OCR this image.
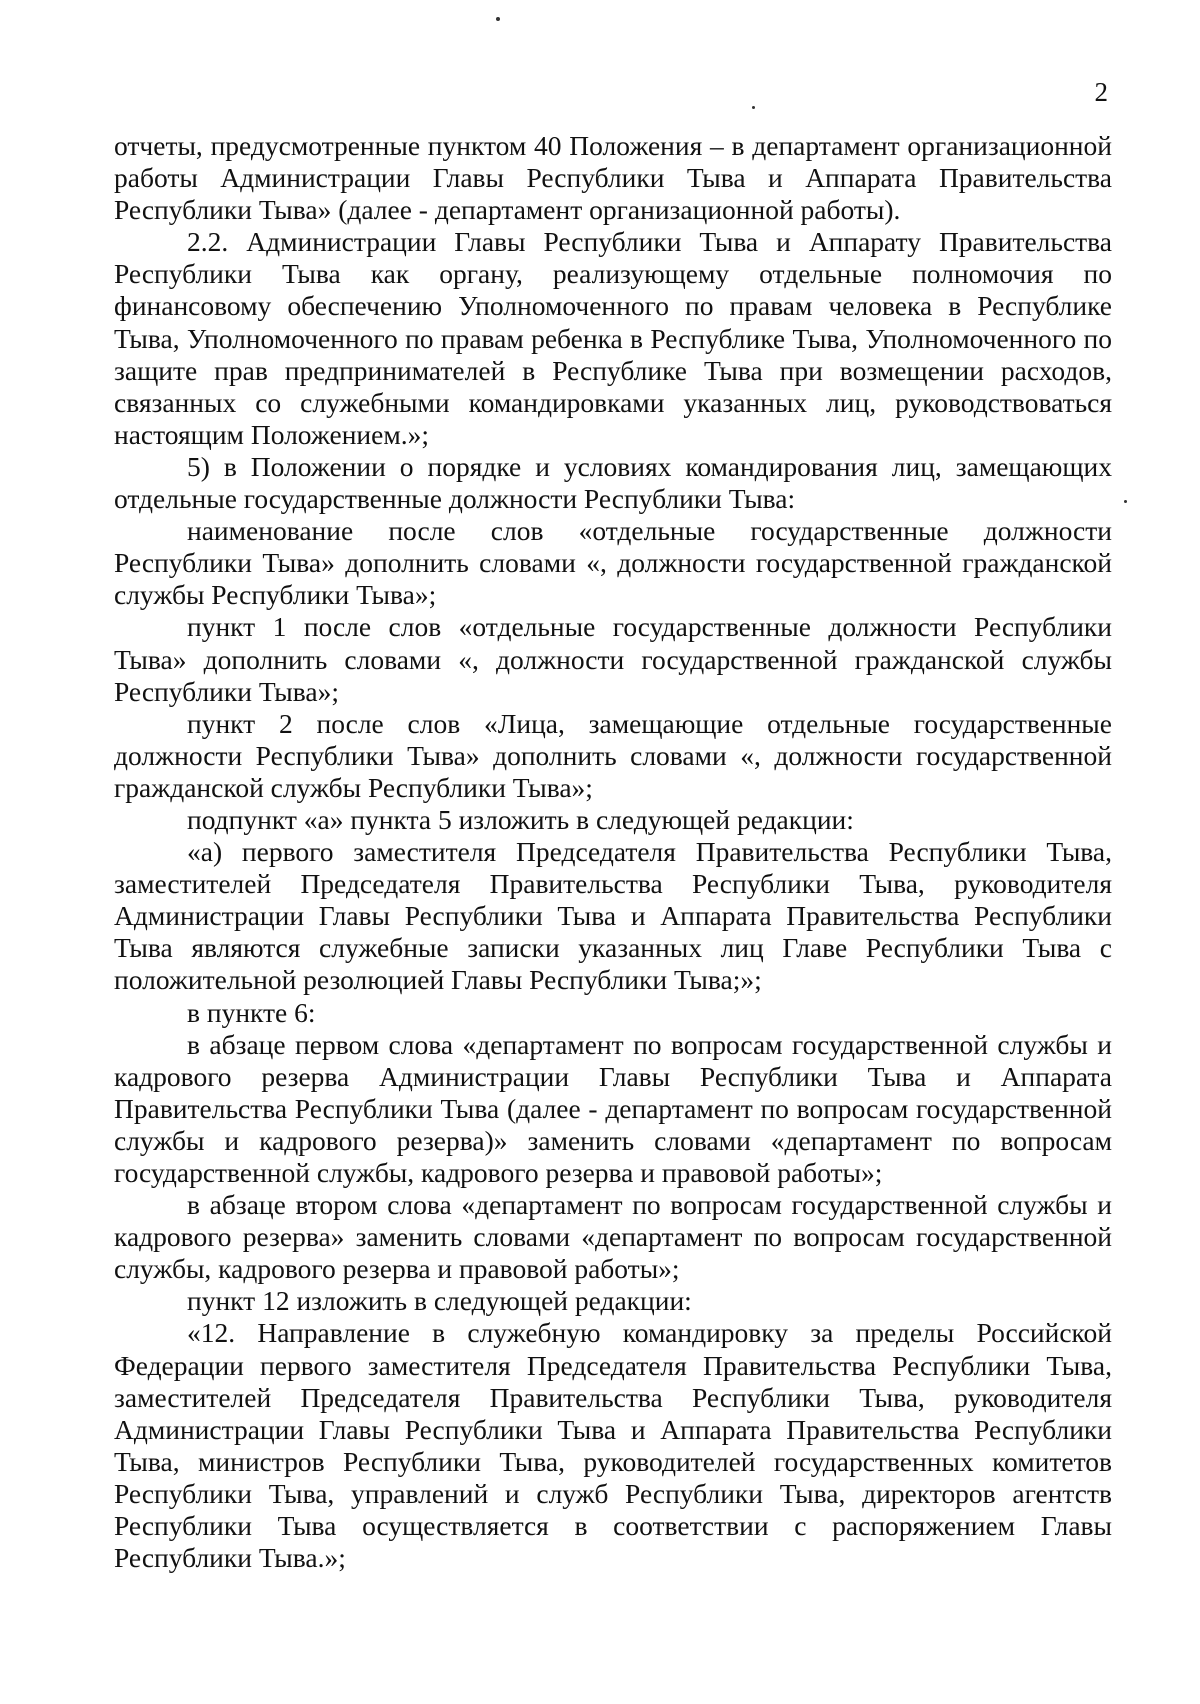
2

отчеты, предусмотренные пунктом 40 Положения – в департамент организационной работы Администрации Главы Республики Тыва и Аппарата Правительства Республики Тыва» (далее - департамент организационной работы).

2.2. Администрации Главы Республики Тыва и Аппарату Правительства Республики Тыва как органу, реализующему отдельные полномочия по финансовому обеспечению Уполномоченного по правам человека в Республике Тыва, Уполномоченного по правам ребенка в Республике Тыва, Уполномоченного по защите прав предпринимателей в Республике Тыва при возмещении расходов, связанных со служебными командировками указанных лиц, руководствоваться настоящим Положением.»;

5) в Положении о порядке и условиях командирования лиц, замещающих отдельные государственные должности Республики Тыва:

наименование после слов «отдельные государственные должности Республики Тыва» дополнить словами «, должности государственной гражданской службы Республики Тыва»;

пункт 1 после слов «отдельные государственные должности Республики Тыва» дополнить словами «, должности государственной гражданской службы Республики Тыва»;

пункт 2 после слов «Лица, замещающие отдельные государственные должности Республики Тыва» дополнить словами «, должности государственной гражданской службы Республики Тыва»;

подпункт «а» пункта 5 изложить в следующей редакции:

«а) первого заместителя Председателя Правительства Республики Тыва, заместителей Председателя Правительства Республики Тыва, руководителя Администрации Главы Республики Тыва и Аппарата Правительства Республики Тыва являются служебные записки указанных лиц Главе Республики Тыва с положительной резолюцией Главы Республики Тыва;»;

в пункте 6:

в абзаце первом слова «департамент по вопросам государственной службы и кадрового резерва Администрации Главы Республики Тыва и Аппарата Правительства Республики Тыва (далее - департамент по вопросам государственной службы и кадрового резерва)» заменить словами «департамент по вопросам государственной службы, кадрового резерва и правовой работы»;

в абзаце втором слова «департамент по вопросам государственной службы и кадрового резерва» заменить словами «департамент по вопросам государственной службы, кадрового резерва и правовой работы»;

пункт 12 изложить в следующей редакции:

«12. Направление в служебную командировку за пределы Российской Федерации первого заместителя Председателя Правительства Республики Тыва, заместителей Председателя Правительства Республики Тыва, руководителя Администрации Главы Республики Тыва и Аппарата Правительства Республики Тыва, министров Республики Тыва, руководителей государственных комитетов Республики Тыва, управлений и служб Республики Тыва, директоров агентств Республики Тыва осуществляется в соответствии с распоряжением Главы Республики Тыва.»;
